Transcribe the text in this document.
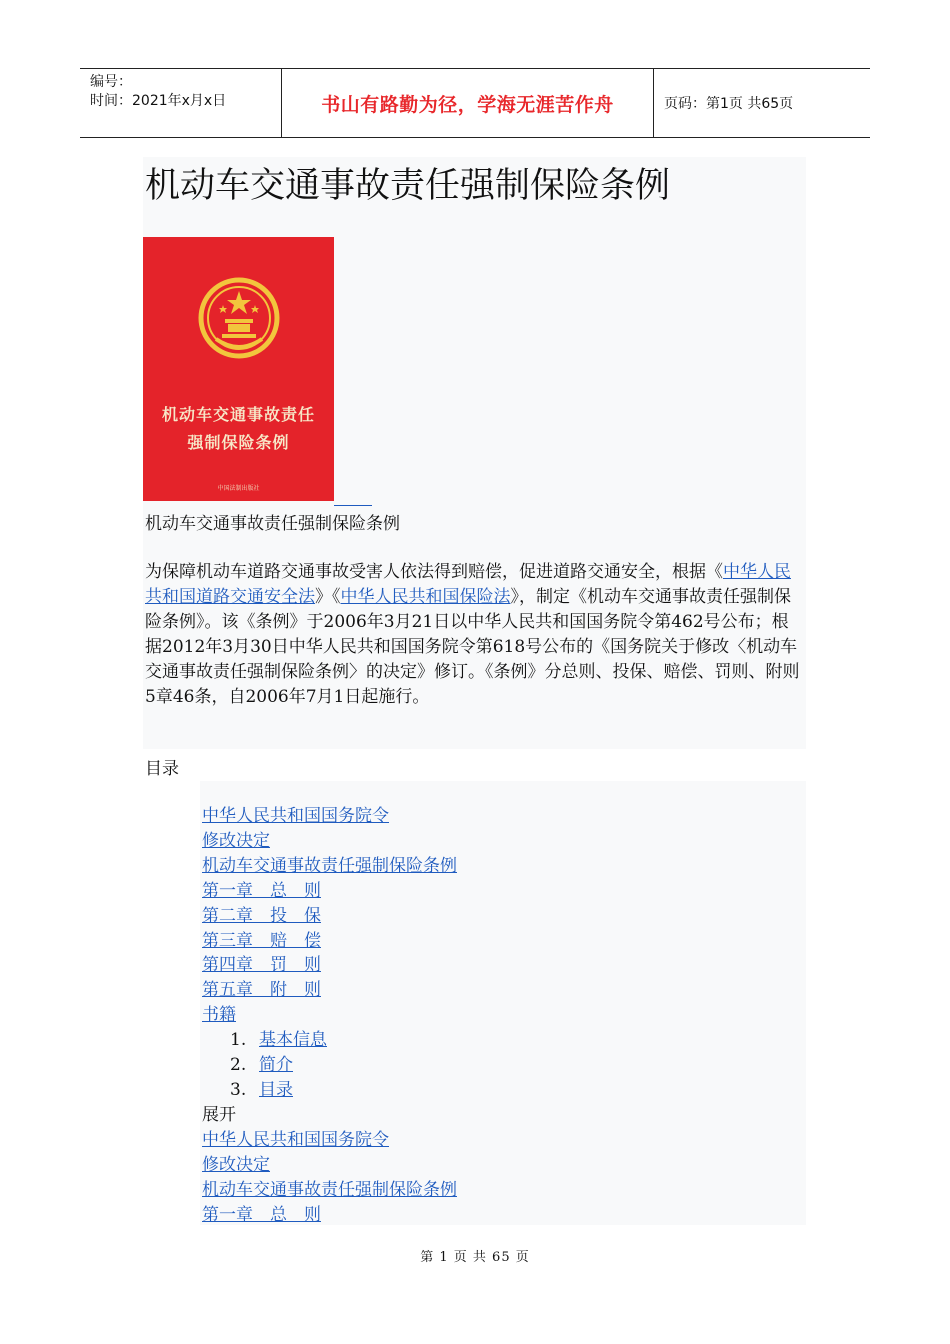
编号：
时间：2021年x月x日	书山有路勤为径，学海无涯苦作舟	页码：第1页 共65页
机动车交通事故责任强制保险条例
机动车交通事故责任
强制保险条例
中国法制出版社
机动车交通事故责任强制保险条例

为保障机动车道路交通事故受害人依法得到赔偿，促进道路交通安全，根据《中华人民共和国道路交通安全法》《中华人民共和国保险法》，制定《机动车交通事故责任强制保险条例》。该《条例》于2006年3月21日以中华人民共和国国务院令第462号公布；根据2012年3月30日中华人民共和国国务院令第618号公布的《国务院关于修改〈机动车交通事故责任强制保险条例〉的决定》修订。《条例》分总则、投保、赔偿、罚则、附则5章46条，自2006年7月1日起施行。

目录
中华人民共和国国务院令
修改决定
机动车交通事故责任强制保险条例
第一章　总　则
第二章　投　保
第三章　赔　偿
第四章　罚　则
第五章　附　则
书籍
1. 基本信息
2. 简介
3. 目录
展开
中华人民共和国国务院令
修改决定
机动车交通事故责任强制保险条例
第一章　总　则
第 1 页 共 65 页
